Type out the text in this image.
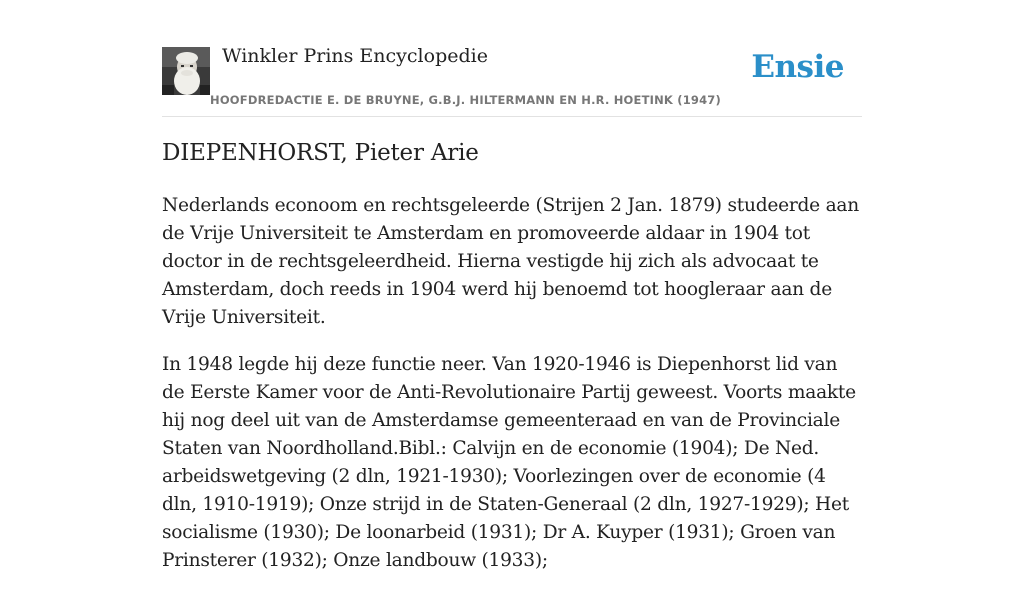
Winkler Prins Encyclopedie
HOOFDREDACTIE E. DE BRUYNE, G.B.J. HILTERMANN EN H.R. HOETINK (1947)
Ensie
DIEPENHORST, Pieter Arie

Nederlands econoom en rechtsgeleerde (Strijen 2 Jan. 1879) studeerde aan de Vrije Universiteit te Amsterdam en promoveerde aldaar in 1904 tot doctor in de rechtsgeleerdheid. Hierna vestigde hij zich als advocaat te Amsterdam, doch reeds in 1904 werd hij benoemd tot hoogleraar aan de Vrije Universiteit.

In 1948 legde hij deze functie neer. Van 1920-1946 is Diepenhorst lid van de Eerste Kamer voor de Anti-Revolutionaire Partij geweest. Voorts maakte hij nog deel uit van de Amsterdamse gemeenteraad en van de Provinciale Staten van Noordholland.Bibl.: Calvijn en de economie (1904); De Ned. arbeidswetgeving (2 dln, 1921-1930); Voorlezingen over de economie (4 dln, 1910-1919); Onze strijd in de Staten-Generaal (2 dln, 1927-1929); Het socialisme (1930); De loonarbeid (1931); Dr A. Kuyper (1931); Groen van Prinsterer (1932); Onze landbouw (1933);
